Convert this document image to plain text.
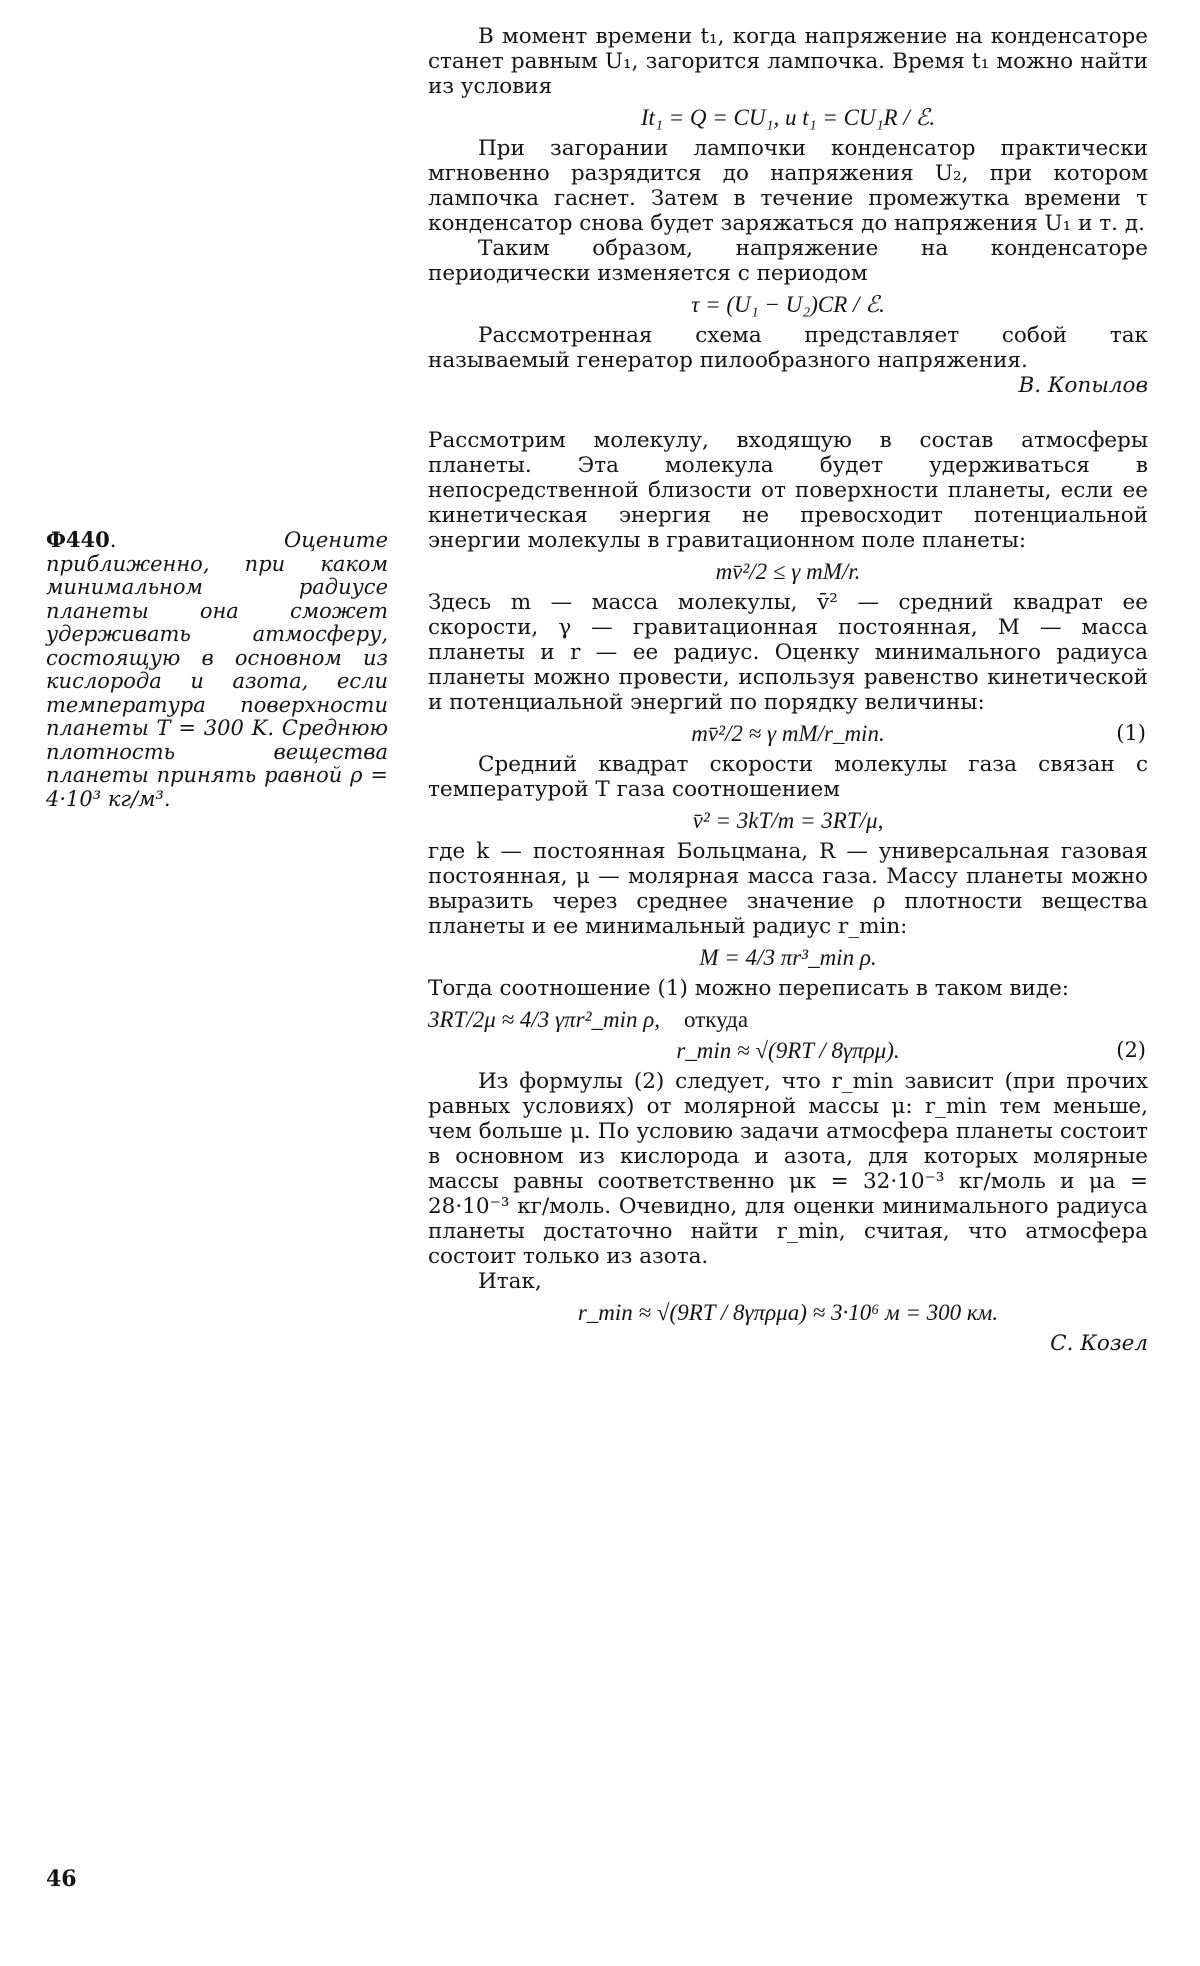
В момент времени t₁, когда напряжение на конденсаторе станет равным U₁, загорится лампочка. Время t₁ можно найти из условия

It₁ = Q = CU₁, и t₁ = CU₁R / ℰ.

При загорании лампочки конденсатор практически мгновенно разрядится до напряжения U₂, при котором лампочка гаснет. Затем в течение промежутка времени τ конденсатор снова будет заряжаться до напряжения U₁ и т. д.

Таким образом, напряжение на конденсаторе периодически изменяется с периодом

τ = (U₁ − U₂)CR / ℰ.

Рассмотренная схема представляет собой так называемый генератор пилообразного напряжения.

В. Копылов

Рассмотрим молекулу, входящую в состав атмосферы планеты. Эта молекула будет удерживаться в непосредственной близости от поверхности планеты, если ее кинетическая энергия не превосходит потенциальной энергии молекулы в гравитационном поле планеты:

mv̄²/2 ≤ γ mM/r.

Здесь m — масса молекулы, v̄² — средний квадрат ее скорости, γ — гравитационная постоянная, M — масса планеты и r — ее радиус. Оценку минимального радиуса планеты можно провести, используя равенство кинетической и потенциальной энергий по порядку величины:

mv̄²/2 ≈ γ mM/r_min.	(1)

Средний квадрат скорости молекулы газа связан с температурой T газа соотношением

v̄² = 3kT/m = 3RT/μ,

где k — постоянная Больцмана, R — универсальная газовая постоянная, μ — молярная масса газа. Массу планеты можно выразить через среднее значение ρ плотности вещества планеты и ее минимальный радиус r_min:

M = 4/3 πr³_min ρ.

Тогда соотношение (1) можно переписать в таком виде:

3RT/2μ ≈ 4/3 γπr²_min ρ, откуда
r_min ≈ √(9RT / 8γπρμ).	(2)

Из формулы (2) следует, что r_min зависит (при прочих равных условиях) от молярной массы μ: r_min тем меньше, чем больше μ. По условию задачи атмосфера планеты состоит в основном из кислорода и азота, для которых молярные массы равны соответственно μк = 32·10⁻³ кг/моль и μа = 28·10⁻³ кг/моль. Очевидно, для оценки минимального радиуса планеты достаточно найти r_min, считая, что атмосфера состоит только из азота.

Итак,

r_min ≈ √(9RT / 8γπρμа) ≈ 3·10⁶ м = 300 км.

С. Козел

Ф440. Оцените приближенно, при каком минимальном радиусе планеты она сможет удерживать атмосферу, состоящую в основном из кислорода и азота, если температура поверхности планеты T = 300 K. Среднюю плотность вещества планеты принять равной ρ = 4·10³ кг/м³.
46
